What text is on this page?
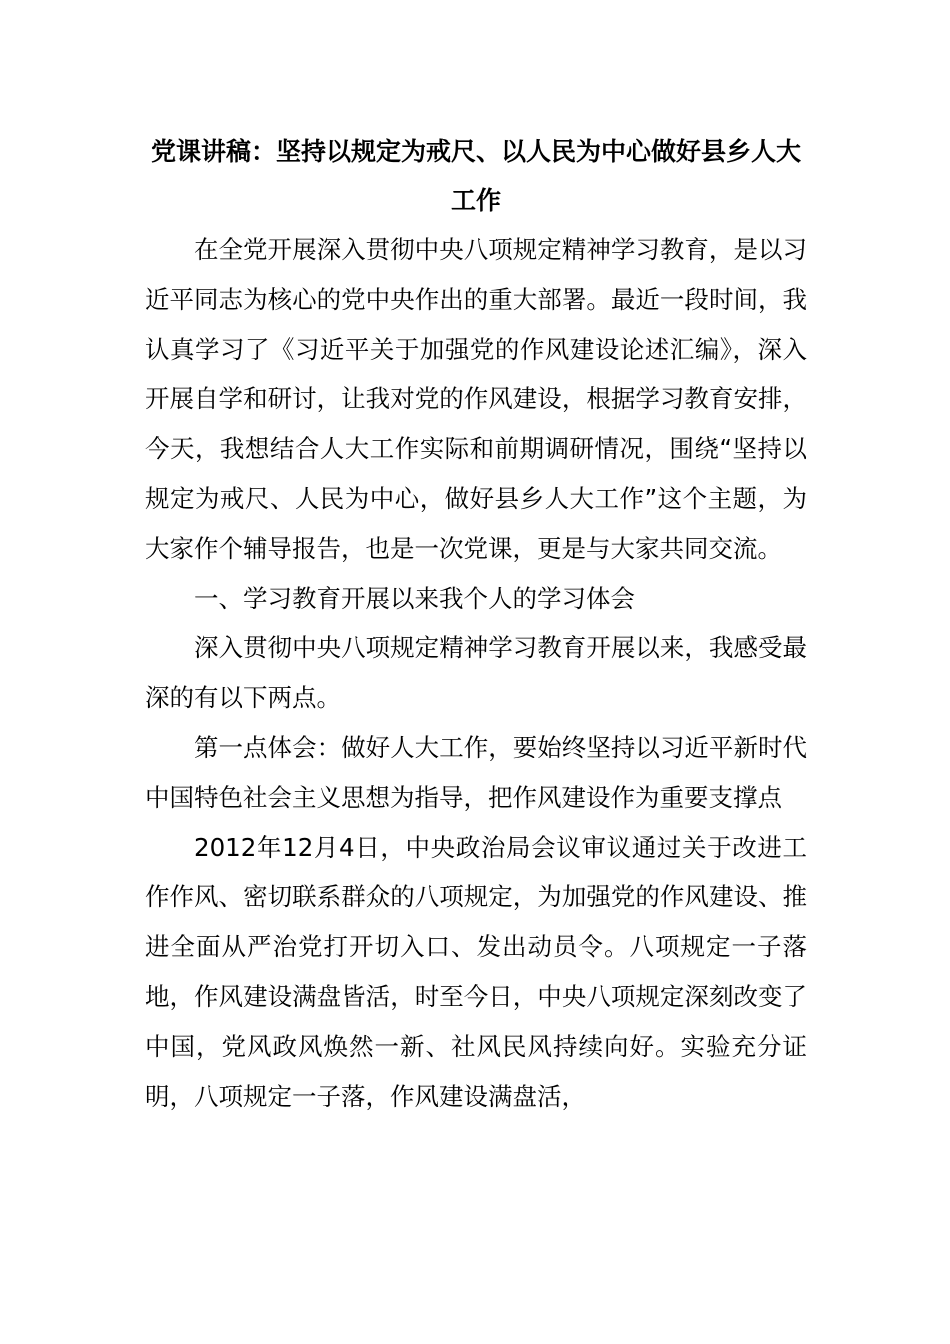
党课讲稿：坚持以规定为戒尺、以人民为中心做好县乡人大工作

在全党开展深入贯彻中央八项规定精神学习教育，是以习近平同志为核心的党中央作出的重大部署。最近一段时间，我认真学习了《习近平关于加强党的作风建设论述汇编》，深入开展自学和研讨，让我对党的作风建设，根据学习教育安排，今天，我想结合人大工作实际和前期调研情况，围绕“坚持以规定为戒尺、人民为中心，做好县乡人大工作”这个主题，为大家作个辅导报告，也是一次党课，更是与大家共同交流。

一、学习教育开展以来我个人的学习体会

深入贯彻中央八项规定精神学习教育开展以来，我感受最深的有以下两点。

第一点体会：做好人大工作，要始终坚持以习近平新时代中国特色社会主义思想为指导，把作风建设作为重要支撑点

2012年12月4日，中央政治局会议审议通过关于改进工作作风、密切联系群众的八项规定，为加强党的作风建设、推进全面从严治党打开切入口、发出动员令。八项规定一子落地，作风建设满盘皆活，时至今日，中央八项规定深刻改变了中国，党风政风焕然一新、社风民风持续向好。实验充分证明，八项规定一子落，作风建设满盘活，
